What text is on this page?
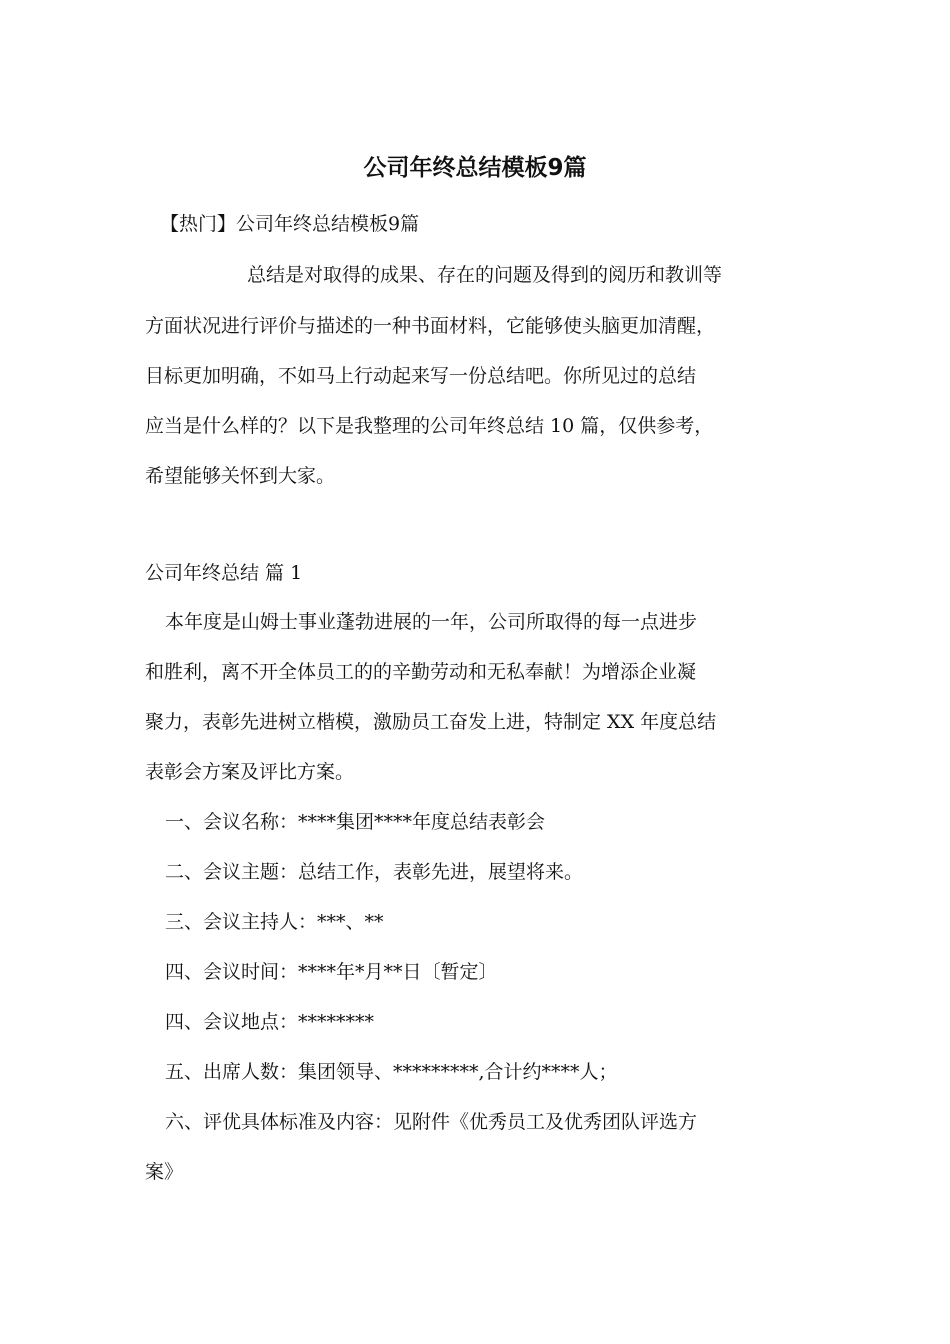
公司年终总结模板9篇

【热门】公司年终总结模板9篇

总结是对取得的成果、存在的问题及得到的阅历和教训等

方面状况进行评价与描述的一种书面材料，它能够使头脑更加清醒，

目标更加明确，不如马上行动起来写一份总结吧。你所见过的总结

应当是什么样的？以下是我整理的公司年终总结 10 篇，仅供参考，

希望能够关怀到大家。

公司年终总结 篇 1

本年度是山姆士事业蓬勃进展的一年，公司所取得的每一点进步

和胜利，离不开全体员工的的辛勤劳动和无私奉献！为增添企业凝

聚力，表彰先进树立楷模，激励员工奋发上进，特制定 XX 年度总结

表彰会方案及评比方案。

一、会议名称：****集团****年度总结表彰会

二、会议主题：总结工作，表彰先进，展望将来。

三、会议主持人：***、**

四、会议时间：****年*月**日〔暂定〕

四、会议地点：********

五、出席人数：集团领导、*********,合计约****人；

六、评优具体标准及内容：见附件《优秀员工及优秀团队评选方

案》
